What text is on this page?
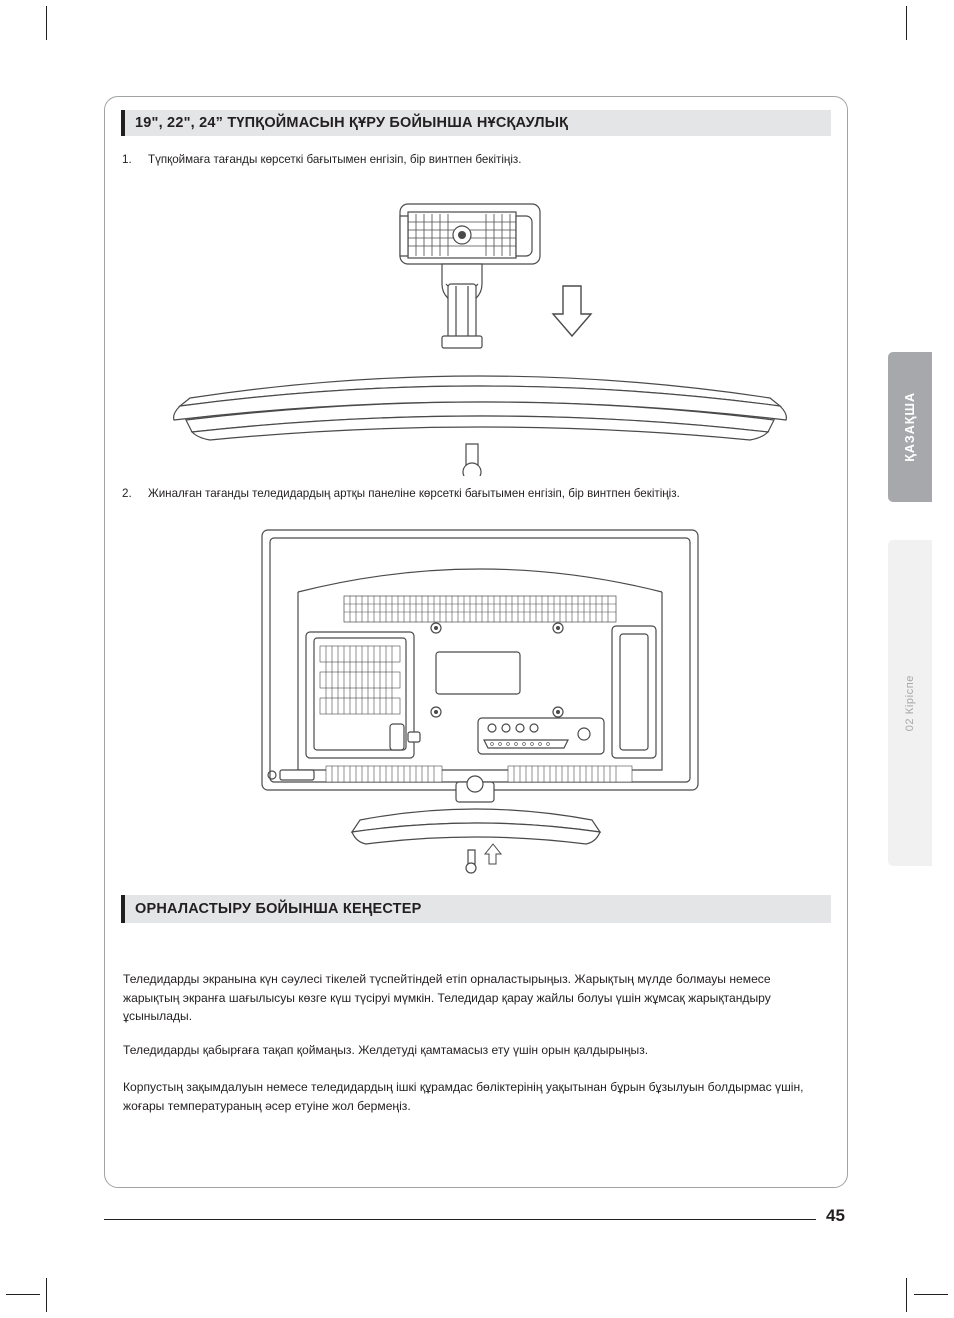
19", 22", 24” ТҮПҚОЙМАСЫН ҚҰРУ БОЙЫНША НҰСҚАУЛЫҚ
1.	Түпқоймаға тағанды көрсеткі бағытымен енгізіп, бір винтпен бекітіңіз.
2.	Жиналған тағанды теледидардың артқы панеліне көрсеткі бағытымен енгізіп, бір винтпен бекітіңіз.
ОРНАЛАСТЫРУ БОЙЫНША КЕҢЕСТЕР
Теледидарды экранына күн сәулесі тікелей түспейтіндей етіп орналастырыңыз. Жарықтың мүлде болмауы немесе жарықтың экранға шағылысуы көзге күш түсіруі мүмкін. Теледидар қарау жайлы болуы үшін жұмсақ жарықтандыру ұсынылады.
Теледидарды қабырғаға тақап қоймаңыз. Желдетуді қамтамасыз ету үшін орын қалдырыңыз.
Корпустың зақымдалуын немесе теледидардың ішкі құрамдас бөліктерінің уақытынан бұрын бұзылуын болдырмас үшін, жоғары температураның әсер етуіне жол бермеңіз.
ҚАЗАҚША
02 Кіріспе
45
